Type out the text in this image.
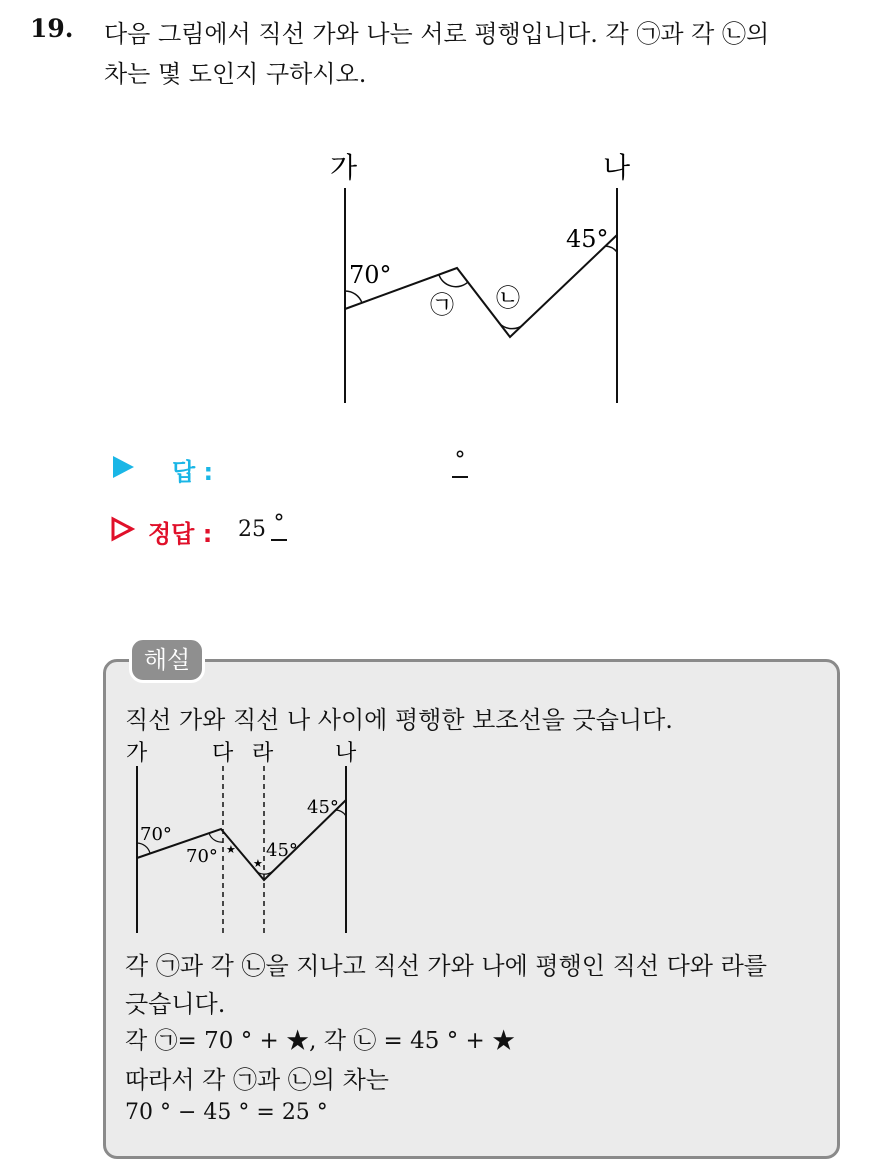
19. 다음 그림에서 직선 가와 나는 서로 평행입니다. 각 ㉠과 각 ㉡의
차는 몇 도인지 구하시오.
가	나
70°
45°
㉠ ㉡
답 :	°
정답 : 25 °
해설
직선 가와 직선 나 사이에 평행한 보조선을 긋습니다.
가	다 라	나
70°
70°	45°
45°
★
★
각 ㉠과 각 ㉡을 지나고 직선 가와 나에 평행인 직선 다와 라를
긋습니다.
각 ㉠= 70 ° + ★, 각 ㉡ = 45 ° + ★
따라서 각 ㉠과 ㉡의 차는
70 ° − 45 ° = 25 °
